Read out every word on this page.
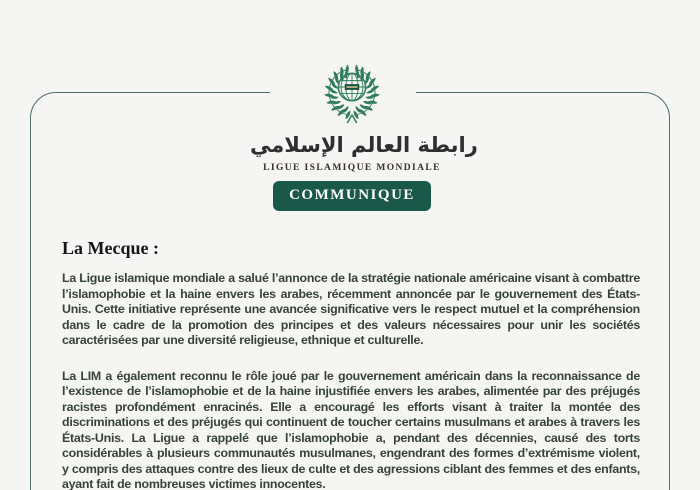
رابطة العالم الإسلامي
LIGUE ISLAMIQUE MONDIALE
COMMUNIQUE
La Mecque :

La Ligue islamique mondiale a salué l’annonce de la stratégie nationale américaine visant à combattre l’islamophobie et la haine envers les arabes, récemment annoncée par le gouvernement des États-Unis. Cette initiative représente une avancée significative vers le respect mutuel et la compréhension dans le cadre de la promotion des principes et des valeurs nécessaires pour unir les sociétés caractérisées par une diversité religieuse, ethnique et culturelle.

La LIM a également reconnu le rôle joué par le gouvernement américain dans la reconnaissance de l’existence de l’islamophobie et de la haine injustifiée envers les arabes, alimentée par des préjugés racistes profondément enracinés. Elle a encouragé les efforts visant à traiter la montée des discriminations et des préjugés qui continuent de toucher certains musulmans et arabes à travers les États-Unis. La Ligue a rappelé que l’islamophobie a, pendant des décennies, causé des torts considérables à plusieurs communautés musulmanes, engendrant des formes d’extrémisme violent, y compris des attaques contre des lieux de culte et des agressions ciblant des femmes et des enfants, ayant fait de nombreuses victimes innocentes.
